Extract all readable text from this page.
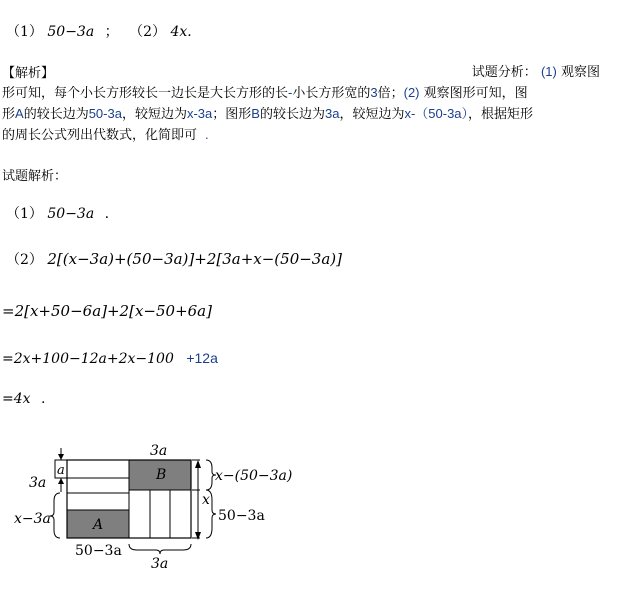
（1） 50−3a ； （2） 4x.
【解析】	试题分析： (1) 观察图
形可知，每个小长方形较长一边长是大长方形的长-小长方形宽的3倍；(2) 观察图形可知，图
形A的较长边为50-3a，较短边为x-3a；图形B的较长边为3a，较短边为x-（50-3a），根据矩形
的周长公式列出代数式，化简即可 .
试题解析：
（1） 50−3a .
（2） 2[(x−3a)+(50−3a)]+2[3a+x−(50−3a)]
=2[x+50−6a]+2[x−50+6a]
=2x+100−12a+2x−100 +12a
=4x .
a
3a
x−3a	A
50−3a
3a
B
3a
x−(50−3a)
x
50−3a
